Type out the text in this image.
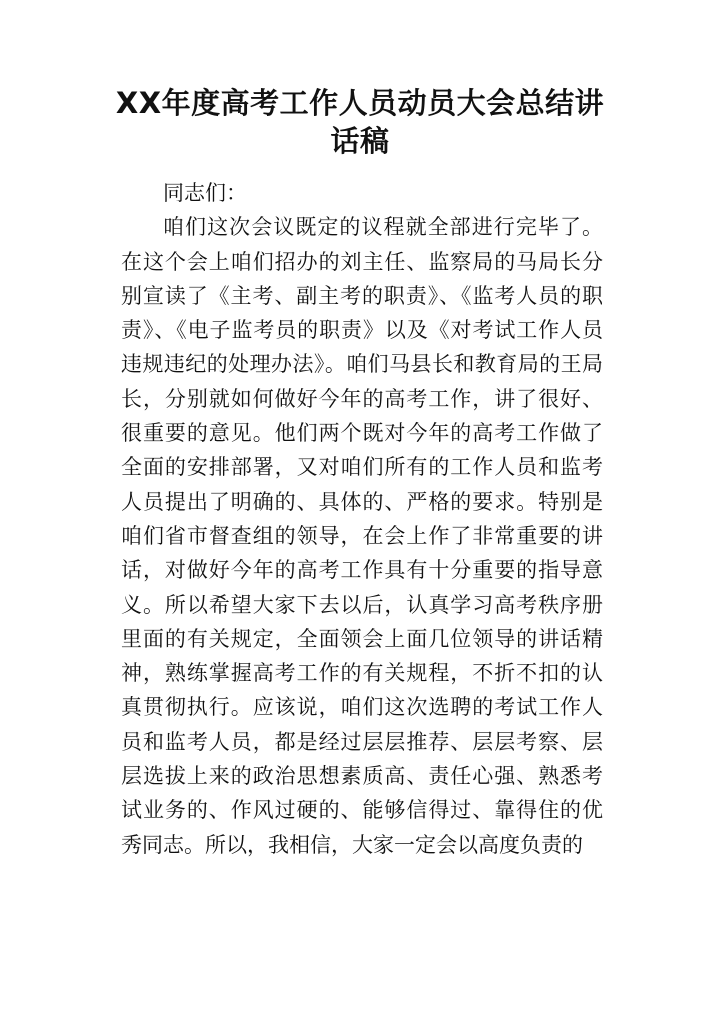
XX年度高考工作人员动员大会总结讲话稿

同志们：

咱们这次会议既定的议程就全部进行完毕了。在这个会上咱们招办的刘主任、监察局的马局长分别宣读了《主考、副主考的职责》、《监考人员的职责》、《电子监考员的职责》以及《对考试工作人员违规违纪的处理办法》。咱们马县长和教育局的王局长，分别就如何做好今年的高考工作，讲了很好、很重要的意见。他们两个既对今年的高考工作做了全面的安排部署，又对咱们所有的工作人员和监考人员提出了明确的、具体的、严格的要求。特别是咱们省市督查组的领导，在会上作了非常重要的讲话，对做好今年的高考工作具有十分重要的指导意义。所以希望大家下去以后，认真学习高考秩序册里面的有关规定，全面领会上面几位领导的讲话精神，熟练掌握高考工作的有关规程，不折不扣的认真贯彻执行。应该说，咱们这次选聘的考试工作人员和监考人员，都是经过层层推荐、层层考察、层层选拔上来的政治思想素质高、责任心强、熟悉考试业务的、作风过硬的、能够信得过、靠得住的优秀同志。所以，我相信，大家一定会以高度负责的
